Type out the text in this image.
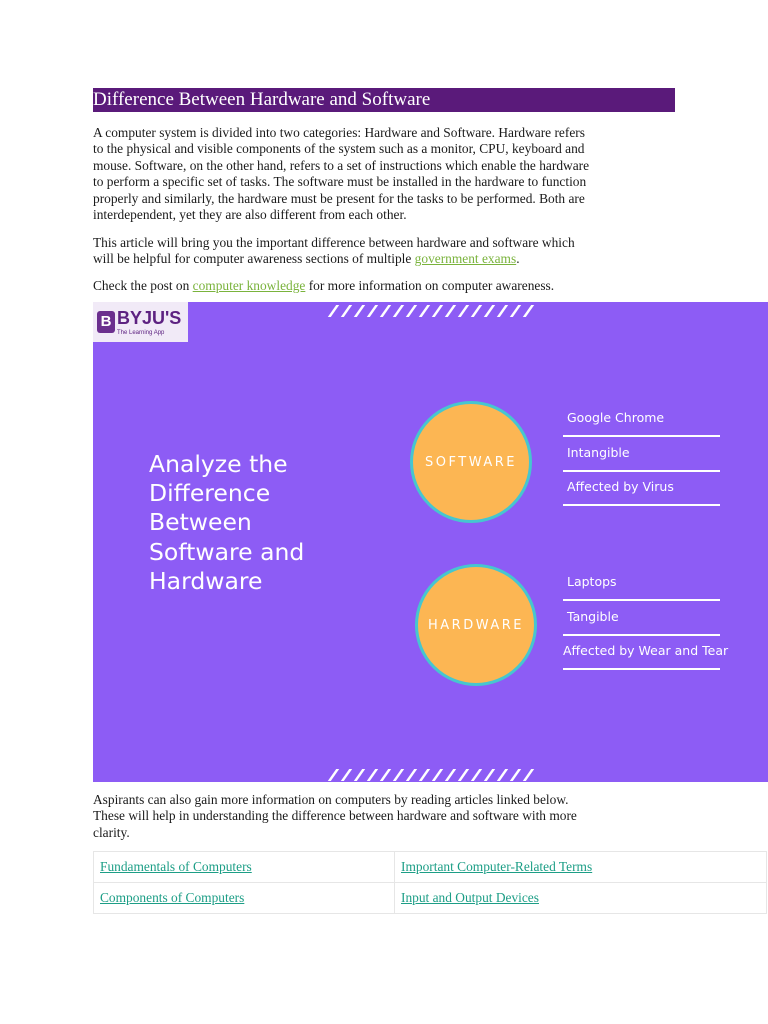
Difference Between Hardware and Software
A computer system is divided into two categories: Hardware and Software. Hardware refers
to the physical and visible components of the system such as a monitor, CPU, keyboard and
mouse. Software, on the other hand, refers to a set of instructions which enable the hardware
to perform a specific set of tasks. The software must be installed in the hardware to function
properly and similarly, the hardware must be present for the tasks to be performed. Both are
interdependent, yet they are also different from each other.
This article will bring you the important difference between hardware and software which
will be helpful for computer awareness sections of multiple government exams.
Check the post on computer knowledge for more information on computer awareness.
B BYJU'S
The Learning App
Analyze the
Difference
Between
Software and
Hardware
SOFTWARE
HARDWARE
Google Chrome
Intangible
Affected by Virus
Laptops
Tangible
Affected by Wear and Tear
Aspirants can also gain more information on computers by reading articles linked below.
These will help in understanding the difference between hardware and software with more
clarity.
Fundamentals of Computers	Important Computer-Related Terms
Components of Computers	Input and Output Devices
